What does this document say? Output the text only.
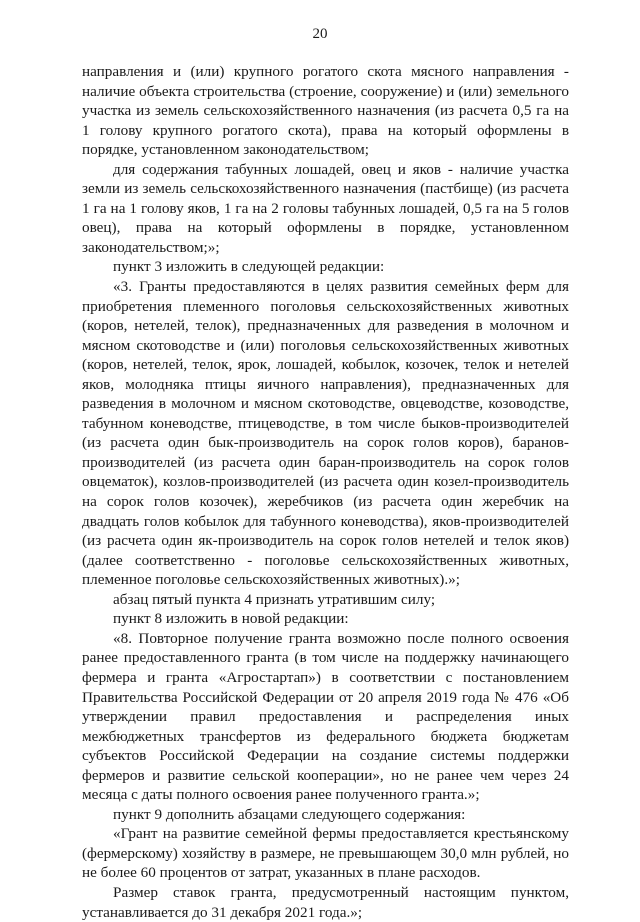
20

направления и (или) крупного рогатого скота мясного направления - наличие объекта строительства (строение, сооружение) и (или) земельного участка из земель сельскохозяйственного назначения (из расчета 0,5 га на 1 голову крупного рогатого скота), права на который оформлены в порядке, установленном законодательством;

для содержания табунных лошадей, овец и яков - наличие участка земли из земель сельскохозяйственного назначения (пастбище) (из расчета 1 га на 1 голову яков, 1 га на 2 головы табунных лошадей, 0,5 га на 5 голов овец), права на который оформлены в порядке, установленном законодательством;»;

пункт 3 изложить в следующей редакции:

«3. Гранты предоставляются в целях развития семейных ферм для приобретения племенного поголовья сельскохозяйственных животных (коров, нетелей, телок), предназначенных для разведения в молочном и мясном скотоводстве и (или) поголовья сельскохозяйственных животных (коров, нетелей, телок, ярок, лошадей, кобылок, козочек, телок и нетелей яков, молодняка птицы яичного направления), предназначенных для разведения в молочном и мясном скотоводстве, овцеводстве, козоводстве, табунном коневодстве, птицеводстве, в том числе быков-производителей (из расчета один бык-производитель на сорок голов коров), баранов-производителей (из расчета один баран-производитель на сорок голов овцематок), козлов-производителей (из расчета один козел-производитель на сорок голов козочек), жеребчиков (из расчета один жеребчик на двадцать голов кобылок для табунного коневодства), яков-производителей (из расчета один як-производитель на сорок голов нетелей и телок яков) (далее соответственно - поголовье сельскохозяйственных животных, племенное поголовье сельскохозяйственных животных).»;

абзац пятый пункта 4 признать утратившим силу;

пункт 8 изложить в новой редакции:

«8. Повторное получение гранта возможно после полного освоения ранее предоставленного гранта (в том числе на поддержку начинающего фермера и гранта «Агростартап») в соответствии с постановлением Правительства Российской Федерации от 20 апреля 2019 года № 476 «Об утверждении правил предоставления и распределения иных межбюджетных трансфертов из федерального бюджета бюджетам субъектов Российской Федерации на создание системы поддержки фермеров и развитие сельской кооперации», но не ранее чем через 24 месяца с даты полного освоения ранее полученного гранта.»;

пункт 9 дополнить абзацами следующего содержания:

«Грант на развитие семейной фермы предоставляется крестьянскому (фермерскому) хозяйству в размере, не превышающем 30,0 млн рублей, но не более 60 процентов от затрат, указанных в плане расходов.

Размер ставок гранта, предусмотренный настоящим пунктом, устанавливается до 31 декабря 2021 года.»;
